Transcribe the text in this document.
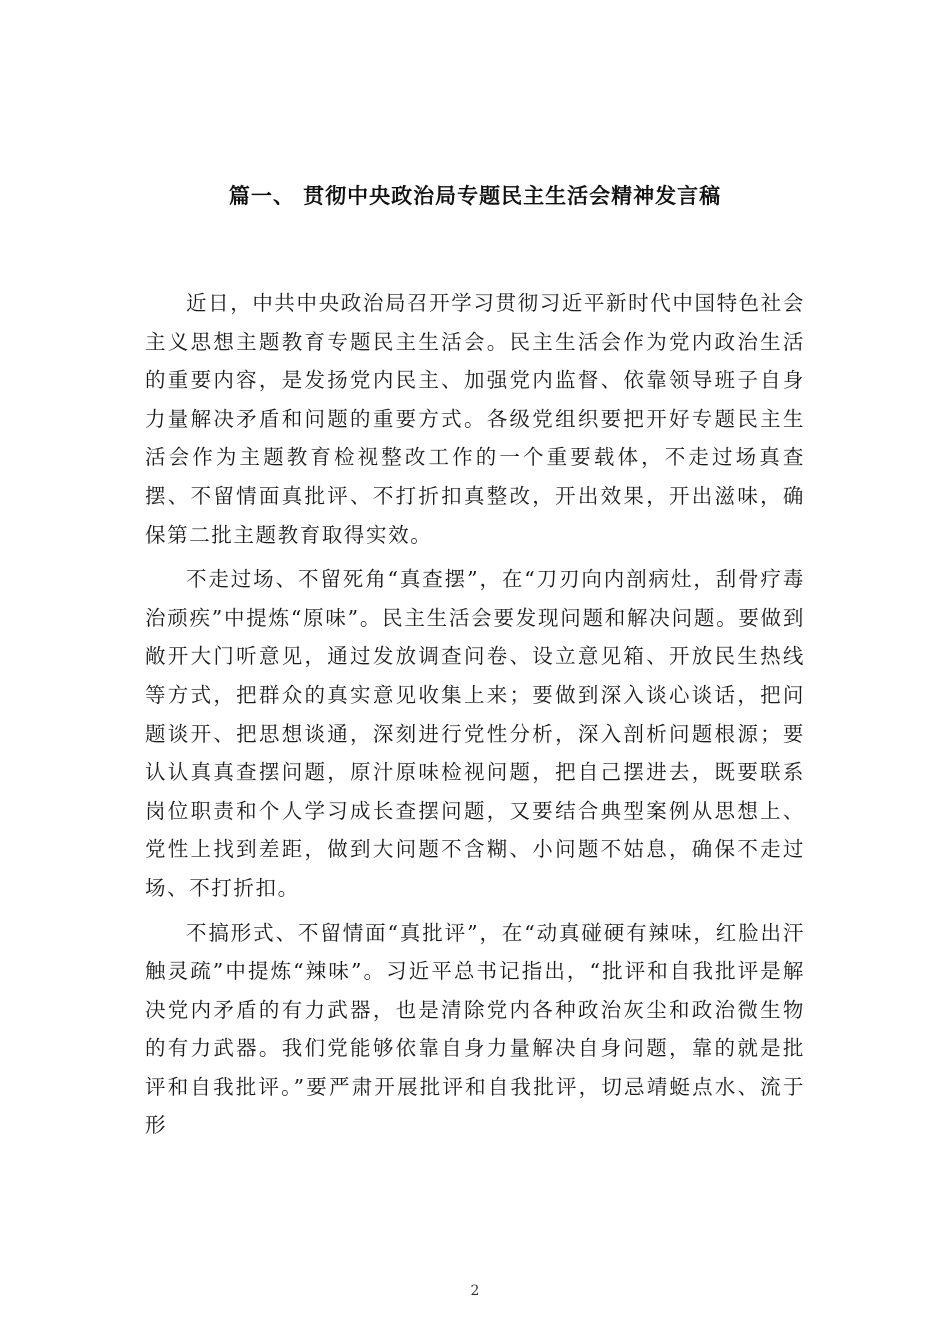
篇一、 贯彻中央政治局专题民主生活会精神发言稿

近日，中共中央政治局召开学习贯彻习近平新时代中国特色社会主义思想主题教育专题民主生活会。民主生活会作为党内政治生活的重要内容，是发扬党内民主、加强党内监督、依靠领导班子自身力量解决矛盾和问题的重要方式。各级党组织要把开好专题民主生活会作为主题教育检视整改工作的一个重要载体，不走过场真查摆、不留情面真批评、不打折扣真整改，开出效果，开出滋味，确保第二批主题教育取得实效。

不走过场、不留死角“真查摆”，在“刀刃向内剖病灶，刮骨疗毒治顽疾”中提炼“原味”。民主生活会要发现问题和解决问题。要做到敞开大门听意见，通过发放调查问卷、设立意见箱、开放民生热线等方式，把群众的真实意见收集上来；要做到深入谈心谈话，把问题谈开、把思想谈通，深刻进行党性分析，深入剖析问题根源；要认认真真查摆问题，原汁原味检视问题，把自己摆进去，既要联系岗位职责和个人学习成长查摆问题，又要结合典型案例从思想上、党性上找到差距，做到大问题不含糊、小问题不姑息，确保不走过场、不打折扣。

不搞形式、不留情面“真批评”，在“动真碰硬有辣味，红脸出汗触灵疏”中提炼“辣味”。习近平总书记指出，“批评和自我批评是解决党内矛盾的有力武器，也是清除党内各种政治灰尘和政治微生物的有力武器。我们党能够依靠自身力量解决自身问题，靠的就是批评和自我批评。”要严肃开展批评和自我批评，切忌靖蜓点水、流于形

2
